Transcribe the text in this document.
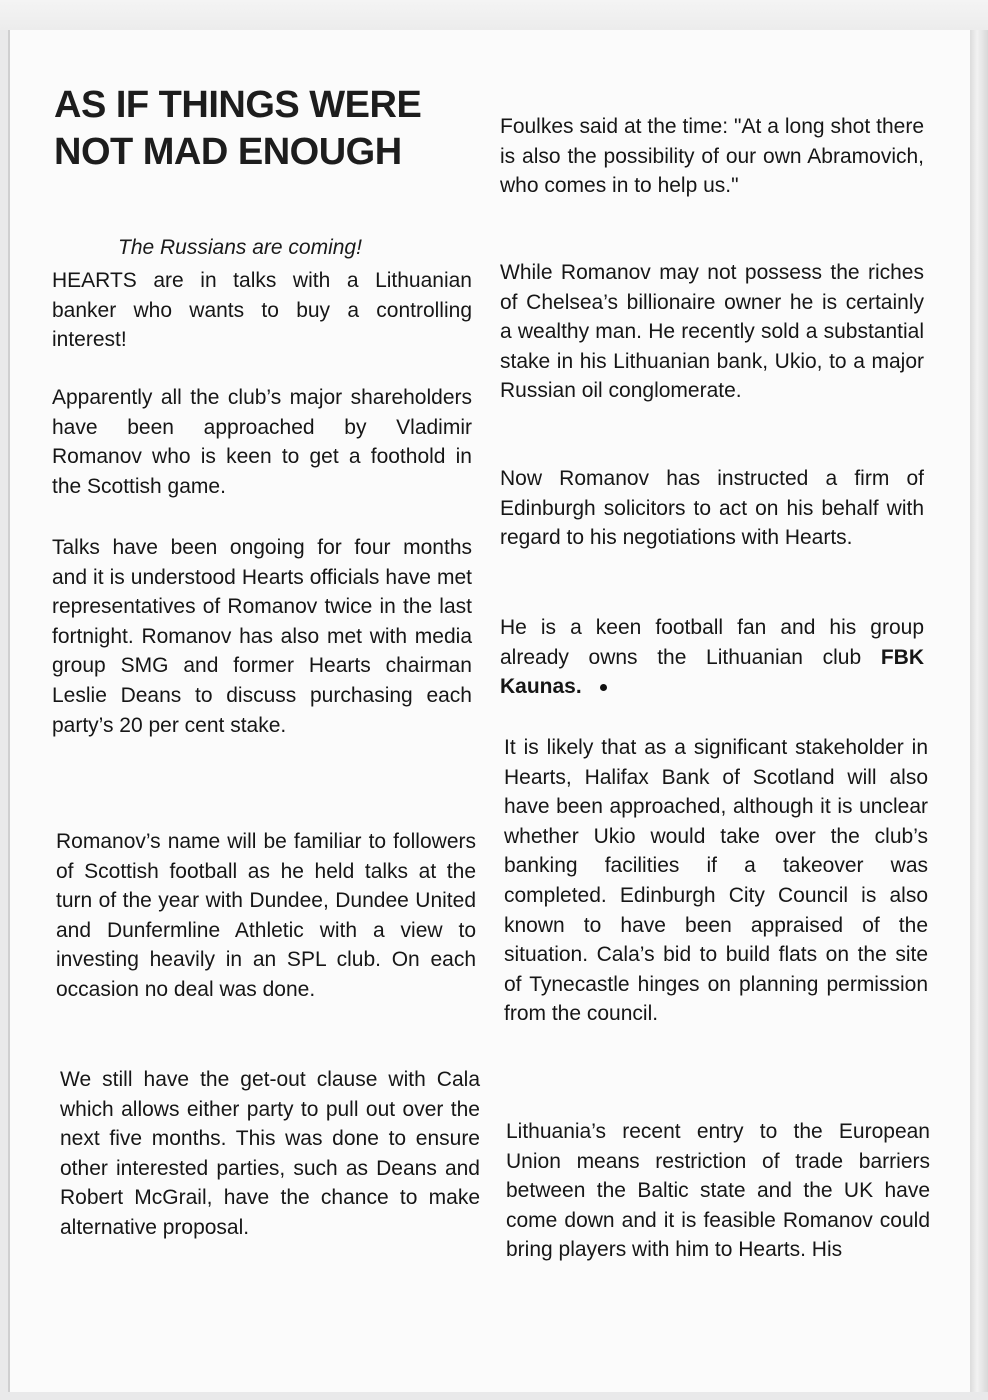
AS IF THINGS WERE NOT MAD ENOUGH

The Russians are coming!

HEARTS are in talks with a Lithuanian banker who wants to buy a controlling interest!

Apparently all the club’s major shareholders have been approached by Vladimir Romanov who is keen to get a foothold in the Scottish game.

Talks have been ongoing for four months and it is understood Hearts officials have met representatives of Romanov twice in the last fortnight. Romanov has also met with media group SMG and former Hearts chairman Leslie Deans to discuss purchasing each party’s 20 per cent stake.

Romanov’s name will be familiar to followers of Scottish football as he held talks at the turn of the year with Dundee, Dundee United and Dunfermline Athletic with a view to investing heavily in an SPL club. On each occasion no deal was done.

We still have the get-out clause with Cala which allows either party to pull out over the next five months. This was done to ensure other interested parties, such as Deans and Robert McGrail, have the chance to make alternative proposal.

Foulkes said at the time: "At a long shot there is also the possibility of our own Abramovich, who comes in to help us."

While Romanov may not possess the riches of Chelsea’s billionaire owner he is certainly a wealthy man. He recently sold a substantial stake in his Lithuanian bank, Ukio, to a major Russian oil conglomerate.

Now Romanov has instructed a firm of Edinburgh solicitors to act on his behalf with regard to his negotiations with Hearts.

He is a keen football fan and his group already owns the Lithuanian club FBK Kaunas.

It is likely that as a significant stakeholder in Hearts, Halifax Bank of Scotland will also have been approached, although it is unclear whether Ukio would take over the club’s banking facilities if a takeover was completed. Edinburgh City Council is also known to have been appraised of the situation. Cala’s bid to build flats on the site of Tynecastle hinges on planning permission from the council.

Lithuania’s recent entry to the European Union means restriction of trade barriers between the Baltic state and the UK have come down and it is feasible Romanov could bring players with him to Hearts. His
